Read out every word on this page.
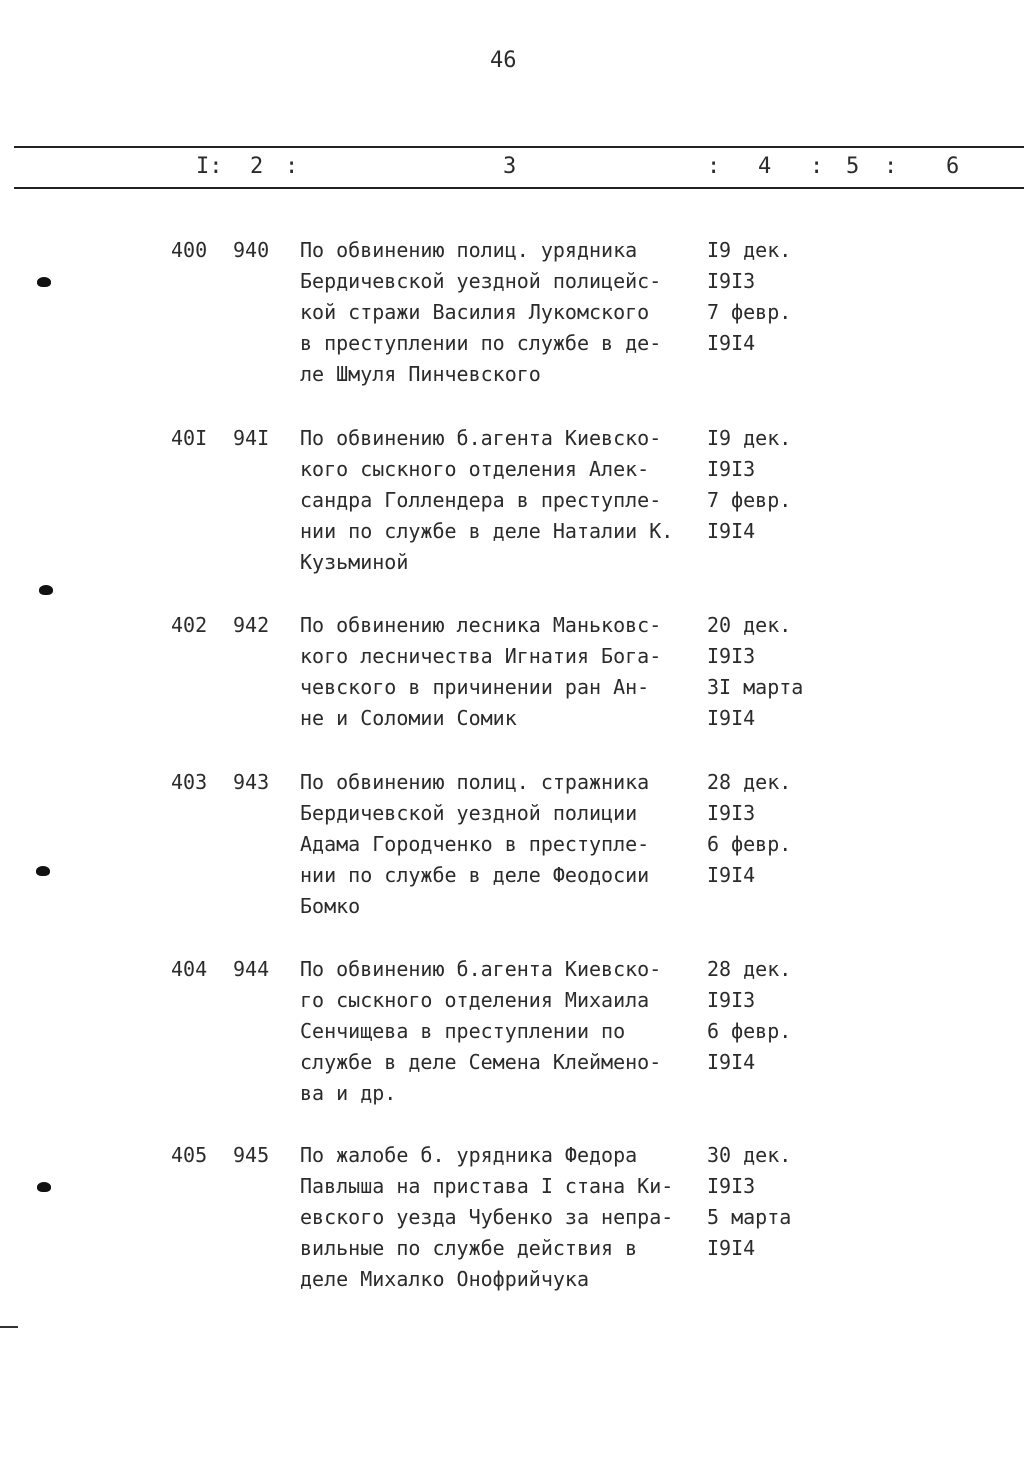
46
I: 2 :	3	: 4 : 5 : 6
400 940 По обвинению полиц. урядника
Бердичевской уездной полицейс-
кой стражи Василия Лукомского
в преступлении по службе в де-
ле Шмуля Пинчевского
I9 дек.
I9I3
7 февр.
I9I4
40I 94I По обвинению б.агента Киевско-
кого сыскного отделения Алек-
сандра Голлендера в преступле-
нии по службе в деле Наталии К.
Кузьминой
I9 дек.
I9I3
7 февр.
I9I4
402 942 По обвинению лесника Маньковс-
кого лесничества Игнатия Бога-
чевского в причинении ран Ан-
не и Соломии Сомик
20 дек.
I9I3
3I марта
I9I4
403 943 По обвинению полиц. стражника
Бердичевской уездной полиции
Адама Городченко в преступле-
нии по службе в деле Феодосии
Бомко
28 дек.
I9I3
6 февр.
I9I4
404 944 По обвинению б.агента Киевско-
го сыскного отделения Михаила
Сенчищева в преступлении по
службе в деле Семена Клеймено-
ва и др.
28 дек.
I9I3
6 февр.
I9I4
405 945 По жалобе б. урядника Федора
Павлыша на пристава I стана Ки-
евского уезда Чубенко за непра-
вильные по службе действия в
деле Михалко Онофрийчука
30 дек.
I9I3
5 марта
I9I4
